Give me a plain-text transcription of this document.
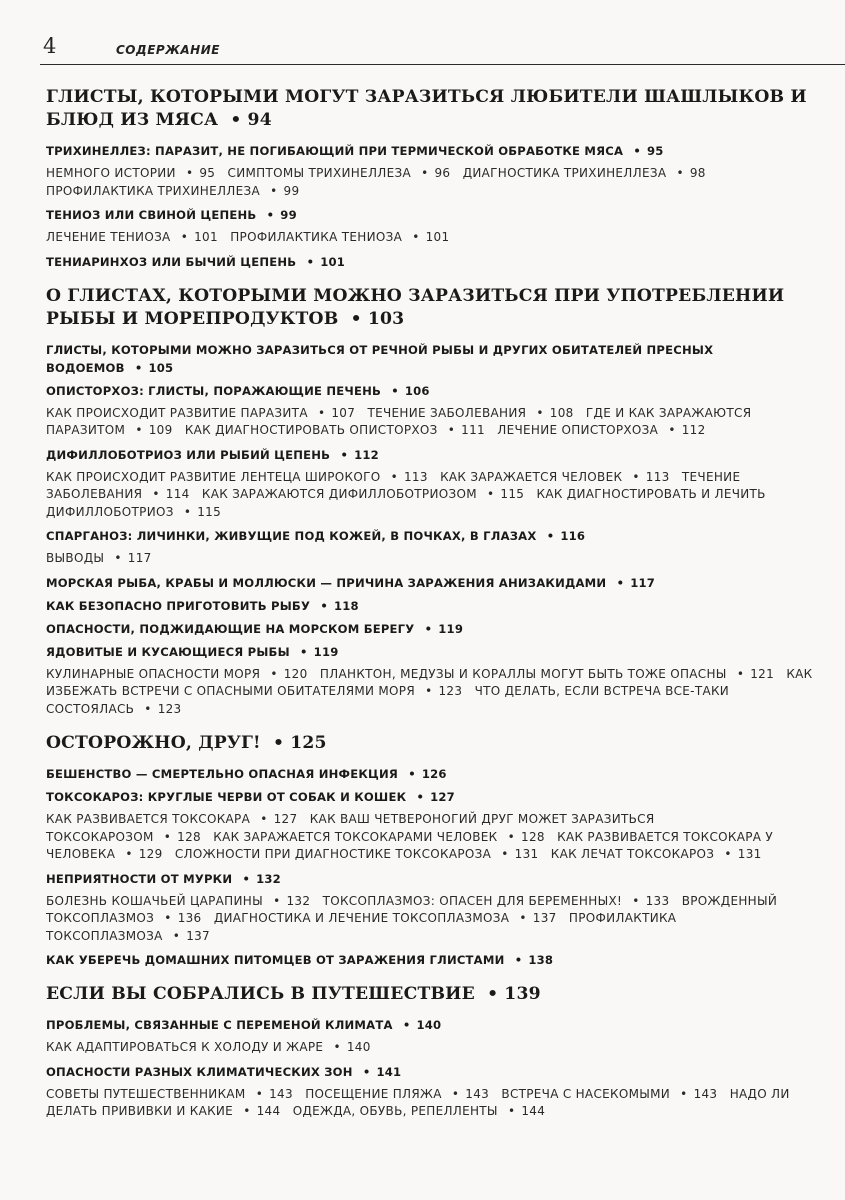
4	СОДЕРЖАНИЕ
ГЛИСТЫ, КОТОРЫМИ МОГУТ ЗАРАЗИТЬСЯ ЛЮБИТЕЛИ ШАШЛЫКОВ И БЛЮД ИЗ МЯСА • 94
ТРИХИНЕЛЛЕЗ: ПАРАЗИТ, НЕ ПОГИБАЮЩИЙ ПРИ ТЕРМИЧЕСКОЙ ОБРАБОТКЕ МЯСА • 95
НЕМНОГО ИСТОРИИ • 95  СИМПТОМЫ ТРИХИНЕЛЛЕЗА • 96  ДИАГНОСТИКА ТРИХИНЕЛЛЕЗА • 98 ПРОФИЛАКТИКА ТРИХИНЕЛЛЕЗА • 99
ТЕНИОЗ ИЛИ СВИНОЙ ЦЕПЕНЬ • 99
ЛЕЧЕНИЕ ТЕНИОЗА • 101  ПРОФИЛАКТИКА ТЕНИОЗА • 101
ТЕНИАРИНХОЗ ИЛИ БЫЧИЙ ЦЕПЕНЬ • 101
О ГЛИСТАХ, КОТОРЫМИ МОЖНО ЗАРАЗИТЬСЯ ПРИ УПОТРЕБЛЕНИИ РЫБЫ И МОРЕПРОДУКТОВ • 103
ГЛИСТЫ, КОТОРЫМИ МОЖНО ЗАРАЗИТЬСЯ ОТ РЕЧНОЙ РЫБЫ И ДРУГИХ ОБИТАТЕЛЕЙ ПРЕСНЫХ ВОДОЕМОВ • 105
ОПИСТОРХОЗ: ГЛИСТЫ, ПОРАЖАЮЩИЕ ПЕЧЕНЬ • 106
КАК ПРОИСХОДИТ РАЗВИТИЕ ПАРАЗИТА • 107  ТЕЧЕНИЕ ЗАБОЛЕВАНИЯ • 108  ГДЕ И КАК ЗАРАЖАЮТСЯ ПАРАЗИТОМ • 109  КАК ДИАГНОСТИРОВАТЬ ОПИСТОРХОЗ • 111  ЛЕЧЕНИЕ ОПИСТОРХОЗА • 112
ДИФИЛЛОБОТРИОЗ ИЛИ РЫБИЙ ЦЕПЕНЬ • 112
КАК ПРОИСХОДИТ РАЗВИТИЕ ЛЕНТЕЦА ШИРОКОГО • 113  КАК ЗАРАЖАЕТСЯ ЧЕЛОВЕК • 113  ТЕЧЕНИЕ ЗАБОЛЕВАНИЯ • 114  КАК ЗАРАЖАЮТСЯ ДИФИЛЛОБОТРИОЗОМ • 115  КАК ДИАГНОСТИРОВАТЬ И ЛЕЧИТЬ ДИФИЛЛОБОТРИОЗ • 115
СПАРГАНОЗ: ЛИЧИНКИ, ЖИВУЩИЕ ПОД КОЖЕЙ, В ПОЧКАХ, В ГЛАЗАХ • 116
ВЫВОДЫ • 117
МОРСКАЯ РЫБА, КРАБЫ И МОЛЛЮСКИ — ПРИЧИНА ЗАРАЖЕНИЯ АНИЗАКИДАМИ • 117
КАК БЕЗОПАСНО ПРИГОТОВИТЬ РЫБУ • 118
ОПАСНОСТИ, ПОДЖИДАЮЩИЕ НА МОРСКОМ БЕРЕГУ • 119
ЯДОВИТЫЕ И КУСАЮЩИЕСЯ РЫБЫ • 119
КУЛИНАРНЫЕ ОПАСНОСТИ МОРЯ • 120  ПЛАНКТОН, МЕДУЗЫ И КОРАЛЛЫ МОГУТ БЫТЬ ТОЖЕ ОПАСНЫ • 121  КАК ИЗБЕЖАТЬ ВСТРЕЧИ С ОПАСНЫМИ ОБИТАТЕЛЯМИ МОРЯ • 123  ЧТО ДЕЛАТЬ, ЕСЛИ ВСТРЕЧА ВСЕ-ТАКИ СОСТОЯЛАСЬ • 123
ОСТОРОЖНО, ДРУГ! • 125
БЕШЕНСТВО — СМЕРТЕЛЬНО ОПАСНАЯ ИНФЕКЦИЯ • 126
ТОКСОКАРОЗ: КРУГЛЫЕ ЧЕРВИ ОТ СОБАК И КОШЕК • 127
КАК РАЗВИВАЕТСЯ ТОКСОКАРА • 127  КАК ВАШ ЧЕТВЕРОНОГИЙ ДРУГ МОЖЕТ ЗАРАЗИТЬСЯ ТОКСОКАРОЗОМ • 128  КАК ЗАРАЖАЕТСЯ ТОКСОКАРАМИ ЧЕЛОВЕК • 128  КАК РАЗВИВАЕТСЯ ТОКСОКАРА У ЧЕЛОВЕКА • 129  СЛОЖНОСТИ ПРИ ДИАГНОСТИКЕ ТОКСОКАРОЗА • 131  КАК ЛЕЧАТ ТОКСОКАРОЗ • 131
НЕПРИЯТНОСТИ ОТ МУРКИ • 132
БОЛЕЗНЬ КОШАЧЬЕЙ ЦАРАПИНЫ • 132  ТОКСОПЛАЗМОЗ: ОПАСЕН ДЛЯ БЕРЕМЕННЫХ! • 133  ВРОЖДЕННЫЙ ТОКСОПЛАЗМОЗ • 136  ДИАГНОСТИКА И ЛЕЧЕНИЕ ТОКСОПЛАЗМОЗА • 137  ПРОФИЛАКТИКА ТОКСОПЛАЗМОЗА • 137
КАК УБЕРЕЧЬ ДОМАШНИХ ПИТОМЦЕВ ОТ ЗАРАЖЕНИЯ ГЛИСТАМИ • 138
ЕСЛИ ВЫ СОБРАЛИСЬ В ПУТЕШЕСТВИЕ • 139
ПРОБЛЕМЫ, СВЯЗАННЫЕ С ПЕРЕМЕНОЙ КЛИМАТА • 140
КАК АДАПТИРОВАТЬСЯ К ХОЛОДУ И ЖАРЕ • 140
ОПАСНОСТИ РАЗНЫХ КЛИМАТИЧЕСКИХ ЗОН • 141
СОВЕТЫ ПУТЕШЕСТВЕННИКАМ • 143  ПОСЕЩЕНИЕ ПЛЯЖА • 143  ВСТРЕЧА С НАСЕКОМЫМИ • 143  НАДО ЛИ ДЕЛАТЬ ПРИВИВКИ И КАКИЕ • 144  ОДЕЖДА, ОБУВЬ, РЕПЕЛЛЕНТЫ • 144
